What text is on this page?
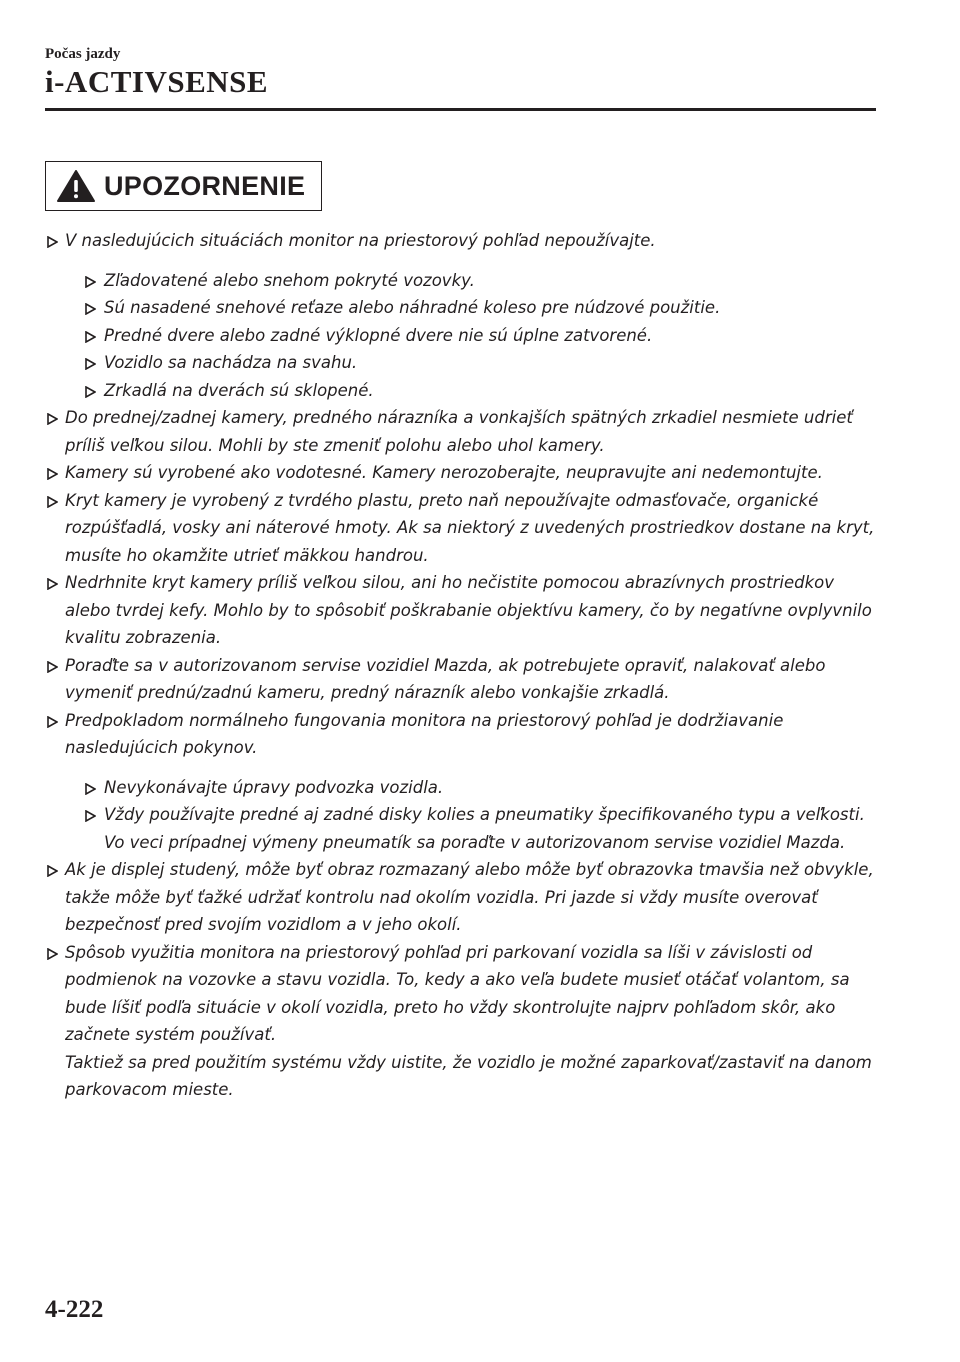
Počas jazdy
i-ACTIVSENSE
UPOZORNENIE
V nasledujúcich situáciách monitor na priestorový pohľad nepoužívajte.
Zľadovatené alebo snehom pokryté vozovky.
Sú nasadené snehové reťaze alebo náhradné koleso pre núdzové použitie.
Predné dvere alebo zadné výklopné dvere nie sú úplne zatvorené.
Vozidlo sa nachádza na svahu.
Zrkadlá na dverách sú sklopené.
Do prednej/zadnej kamery, predného nárazníka a vonkajších spätných zrkadiel nesmiete udrieť príliš veľkou silou. Mohli by ste zmeniť polohu alebo uhol kamery.
Kamery sú vyrobené ako vodotesné. Kamery nerozoberajte, neupravujte ani nedemontujte.
Kryt kamery je vyrobený z tvrdého plastu, preto naň nepoužívajte odmasťovače, organické rozpúšťadlá, vosky ani náterové hmoty. Ak sa niektorý z uvedených prostriedkov dostane na kryt, musíte ho okamžite utrieť mäkkou handrou.
Nedrhnite kryt kamery príliš veľkou silou, ani ho nečistite pomocou abrazívnych prostriedkov alebo tvrdej kefy. Mohlo by to spôsobiť poškrabanie objektívu kamery, čo by negatívne ovplyvnilo kvalitu zobrazenia.
Poraďte sa v autorizovanom servise vozidiel Mazda, ak potrebujete opraviť, nalakovať alebo vymeniť prednú/zadnú kameru, predný nárazník alebo vonkajšie zrkadlá.
Predpokladom normálneho fungovania monitora na priestorový pohľad je dodržiavanie nasledujúcich pokynov.
Nevykonávajte úpravy podvozka vozidla.
Vždy používajte predné aj zadné disky kolies a pneumatiky špecifikovaného typu a veľkosti. Vo veci prípadnej výmeny pneumatík sa poraďte v autorizovanom servise vozidiel Mazda.
Ak je displej studený, môže byť obraz rozmazaný alebo môže byť obrazovka tmavšia než obvykle, takže môže byť ťažké udržať kontrolu nad okolím vozidla. Pri jazde si vždy musíte overovať bezpečnosť pred svojím vozidlom a v jeho okolí.
Spôsob využitia monitora na priestorový pohľad pri parkovaní vozidla sa líši v závislosti od podmienok na vozovke a stavu vozidla. To, kedy a ako veľa budete musieť otáčať volantom, sa bude líšiť podľa situácie v okolí vozidla, preto ho vždy skontrolujte najprv pohľadom skôr, ako začnete systém používať.
Taktiež sa pred použitím systému vždy uistite, že vozidlo je možné zaparkovať/zastaviť na danom parkovacom mieste.
4-222
